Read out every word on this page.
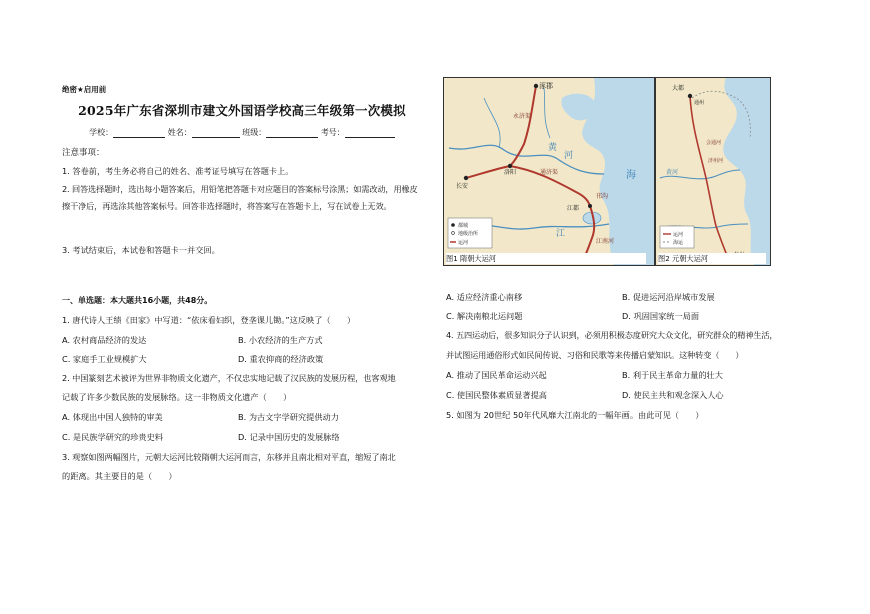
绝密★启用前
2025年广东省深圳市建文外国语学校高三年级第一次模拟
学校：	姓名：	班级：	考号：
注意事项：
1. 答卷前，考生务必将自己的姓名、准考证号填写在答题卡上。
2. 回答选择题时，选出每小题答案后，用铅笔把答题卡对应题目的答案标号涂黑；如需改动，用橡皮擦干净后，再选涂其他答案标号。回答非选择题时，将答案写在答题卡上，写在试卷上无效。
3. 考试结束后，本试卷和答题卡一并交回。
一、单选题：本大题共16小题，共48分。
1. 唐代诗人王绩《田家》中写道：“依床看妇织，登垄课儿锄。”这反映了（　　）
A. 农村商品经济的发达	B. 小农经济的生产方式
C. 家庭手工业规模扩大	D. 重农抑商的经济政策
2. 中国篆刻艺术被评为世界非物质文化遗产，不仅忠实地记载了汉民族的发展历程，也客观地
记载了许多少数民族的发展脉络。这一非物质文化遗产（　　）
A. 体现出中国人独特的审美	B. 为古文字学研究提供动力
C. 是民族学研究的珍贵史料	D. 记录中国历史的发展脉络
3. 观察如图两幅图片，元朝大运河比较隋朝大运河而言，东移并且南北相对平直，缩短了南北
的距离。其主要目的是（　　）
涿郡
长安
洛阳
永济渠
通济渠
邗沟
江都
江南河
黄
河
海
江
都城
地级治所
运河
图1 隋朝大运河
大都
通州
会通河
济州河
黄河
运河
海运
图2 元朝大运河
A. 适应经济重心南移	B. 促进运河沿岸城市发展
C. 解决南粮北运问题	D. 巩固国家统一局面
4. 五四运动后，很多知识分子认识到，必须用积极态度研究大众文化，研究群众的精神生活，
并试图运用通俗形式如民间传说、习俗和民歌等来传播启蒙知识。这种转变（　　）
A. 推动了国民革命运动兴起	B. 利于民主革命力量的壮大
C. 使国民整体素质显著提高	D. 使民主共和观念深入人心
5. 如图为 20世纪 50年代风靡大江南北的一幅年画。由此可见（　　）
